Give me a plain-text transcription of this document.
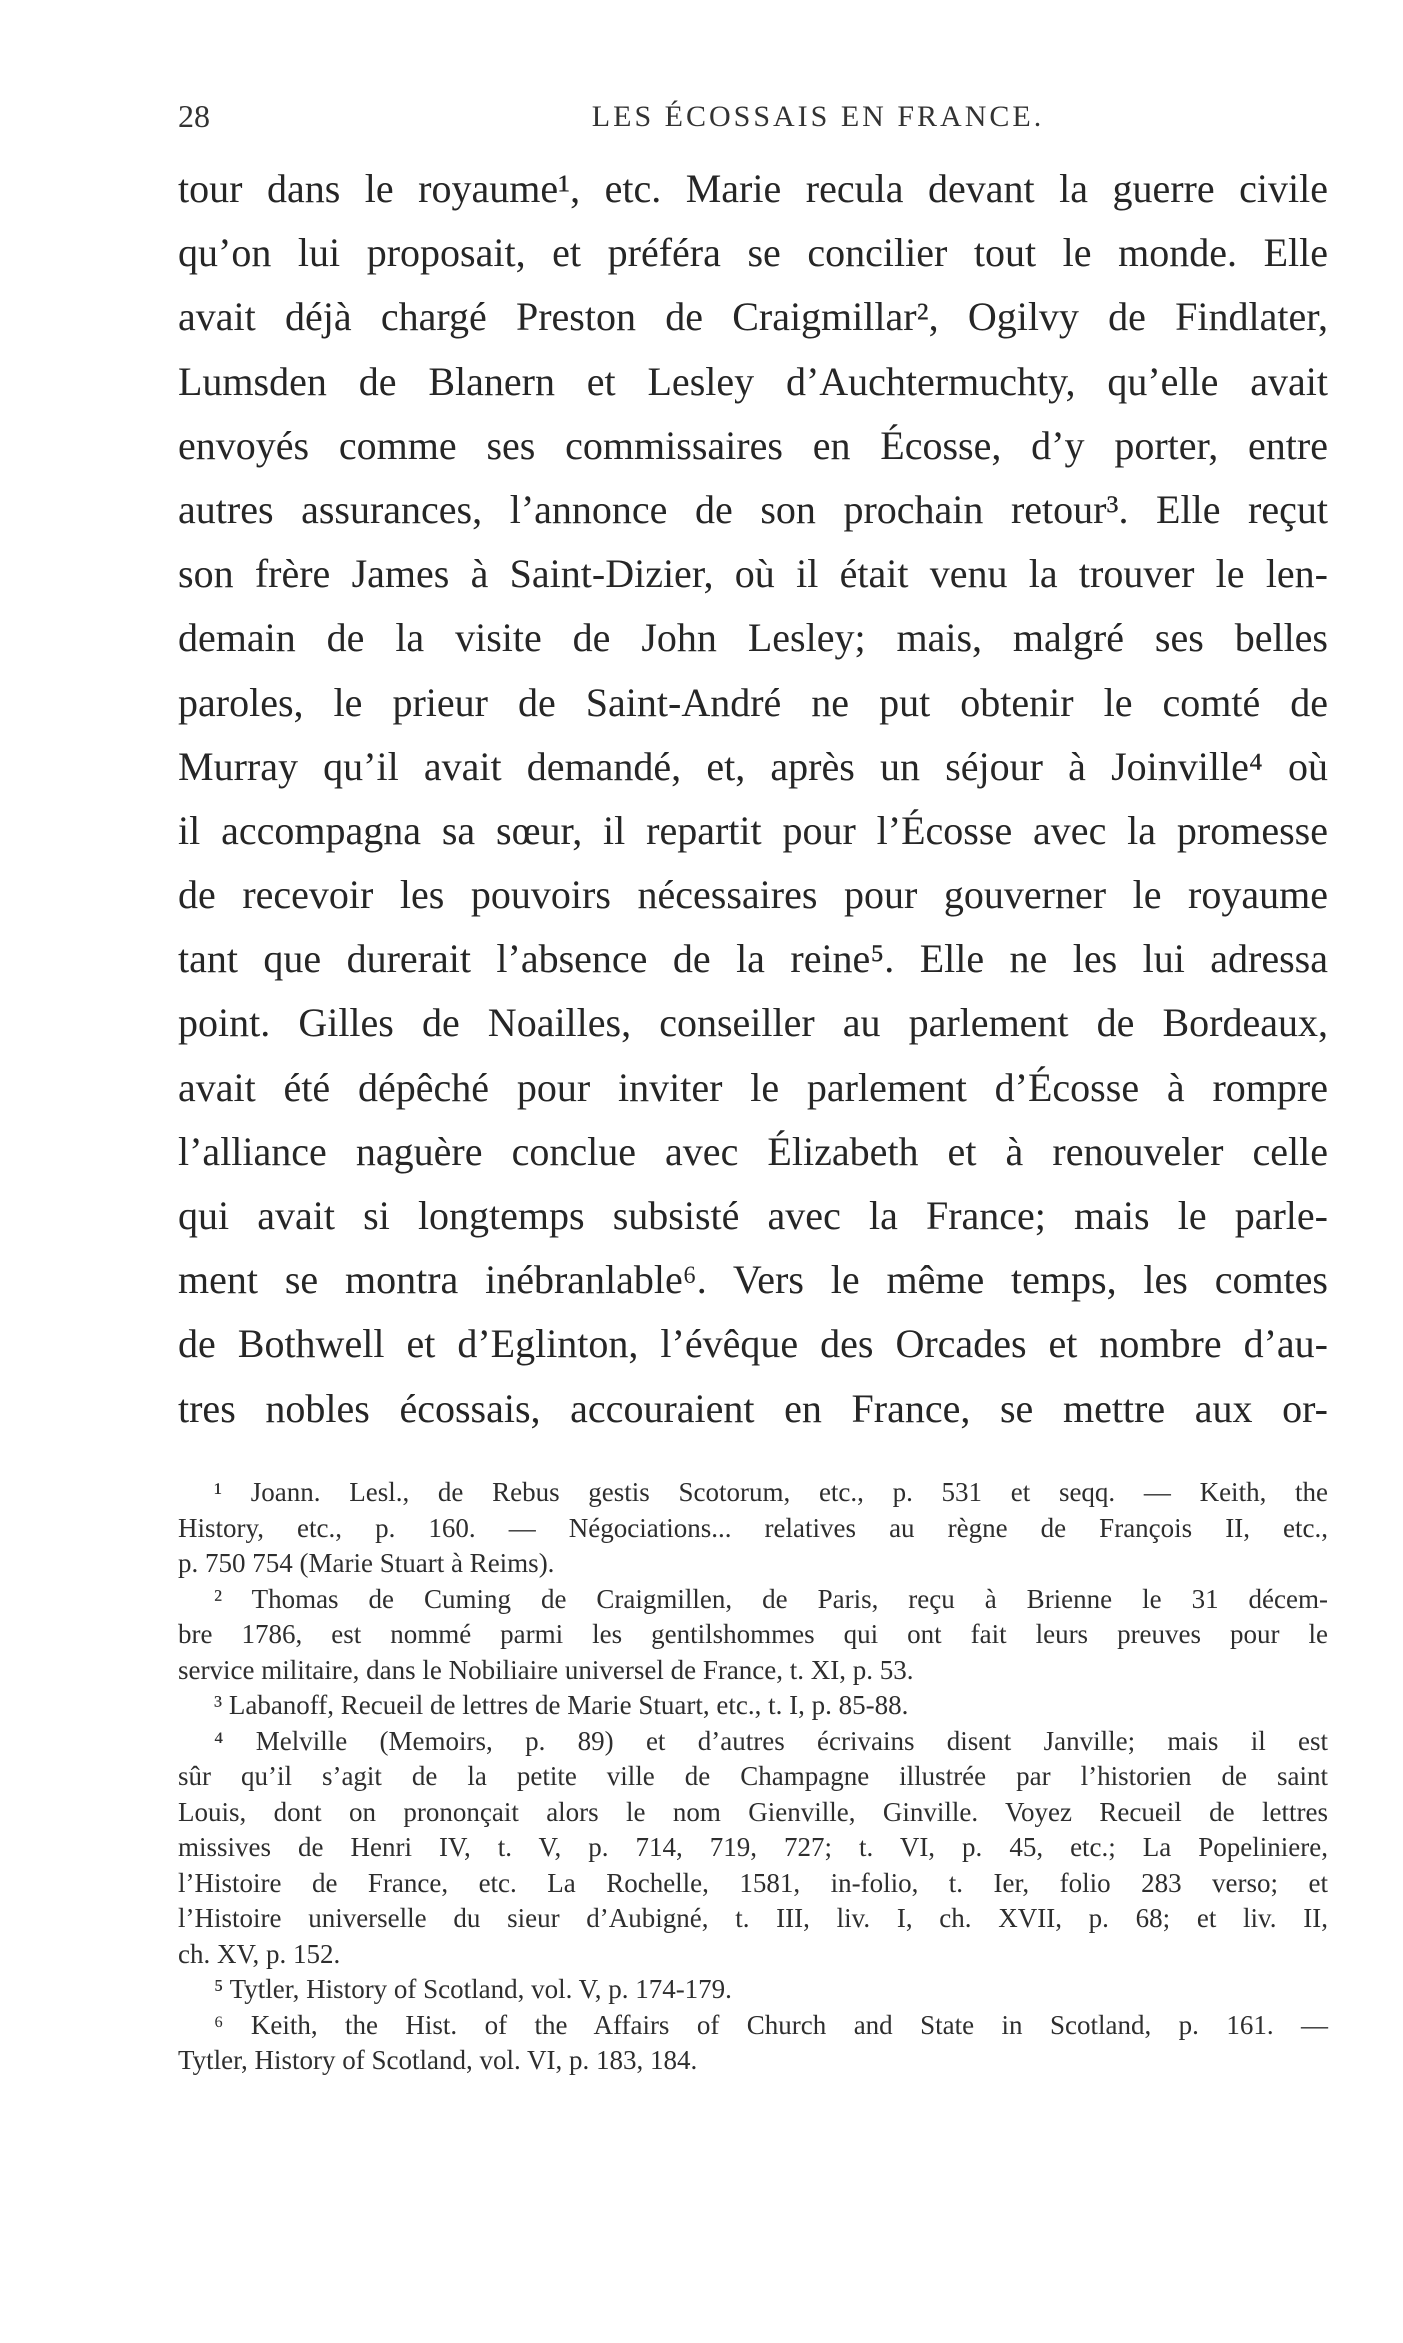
28	LES ÉCOSSAIS EN FRANCE.
tour dans le royaume¹, etc. Marie recula devant la guerre civile
qu’on lui proposait, et préféra se concilier tout le monde. Elle
avait déjà chargé Preston de Craigmillar², Ogilvy de Findlater,
Lumsden de Blanern et Lesley d’Auchtermuchty, qu’elle avait
envoyés comme ses commissaires en Écosse, d’y porter, entre
autres assurances, l’annonce de son prochain retour³. Elle reçut
son frère James à Saint-Dizier, où il était venu la trouver le len-
demain de la visite de John Lesley; mais, malgré ses belles
paroles, le prieur de Saint-André ne put obtenir le comté de
Murray qu’il avait demandé, et, après un séjour à Joinville⁴ où
il accompagna sa sœur, il repartit pour l’Écosse avec la promesse
de recevoir les pouvoirs nécessaires pour gouverner le royaume
tant que durerait l’absence de la reine⁵. Elle ne les lui adressa
point. Gilles de Noailles, conseiller au parlement de Bordeaux,
avait été dépêché pour inviter le parlement d’Écosse à rompre
l’alliance naguère conclue avec Élizabeth et à renouveler celle
qui avait si longtemps subsisté avec la France; mais le parle-
ment se montra inébranlable⁶. Vers le même temps, les comtes
de Bothwell et d’Eglinton, l’évêque des Orcades et nombre d’au-
tres nobles écossais, accouraient en France, se mettre aux or-
¹ Joann. Lesl., de Rebus gestis Scotorum, etc., p. 531 et seqq. — Keith, the
History, etc., p. 160. — Négociations... relatives au règne de François II, etc.,
p. 750 754 (Marie Stuart à Reims).
² Thomas de Cuming de Craigmillen, de Paris, reçu à Brienne le 31 décem-
bre 1786, est nommé parmi les gentilshommes qui ont fait leurs preuves pour le
service militaire, dans le Nobiliaire universel de France, t. XI, p. 53.
³ Labanoff, Recueil de lettres de Marie Stuart, etc., t. I, p. 85-88.
⁴ Melville (Memoirs, p. 89) et d’autres écrivains disent Janville; mais il est
sûr qu’il s’agit de la petite ville de Champagne illustrée par l’historien de saint
Louis, dont on prononçait alors le nom Gienville, Ginville. Voyez Recueil de lettres
missives de Henri IV, t. V, p. 714, 719, 727; t. VI, p. 45, etc.; La Popeliniere,
l’Histoire de France, etc. La Rochelle, 1581, in-folio, t. Ier, folio 283 verso; et
l’Histoire universelle du sieur d’Aubigné, t. III, liv. I, ch. XVII, p. 68; et liv. II,
ch. XV, p. 152.
⁵ Tytler, History of Scotland, vol. V, p. 174-179.
⁶ Keith, the Hist. of the Affairs of Church and State in Scotland, p. 161. —
Tytler, History of Scotland, vol. VI, p. 183, 184.
